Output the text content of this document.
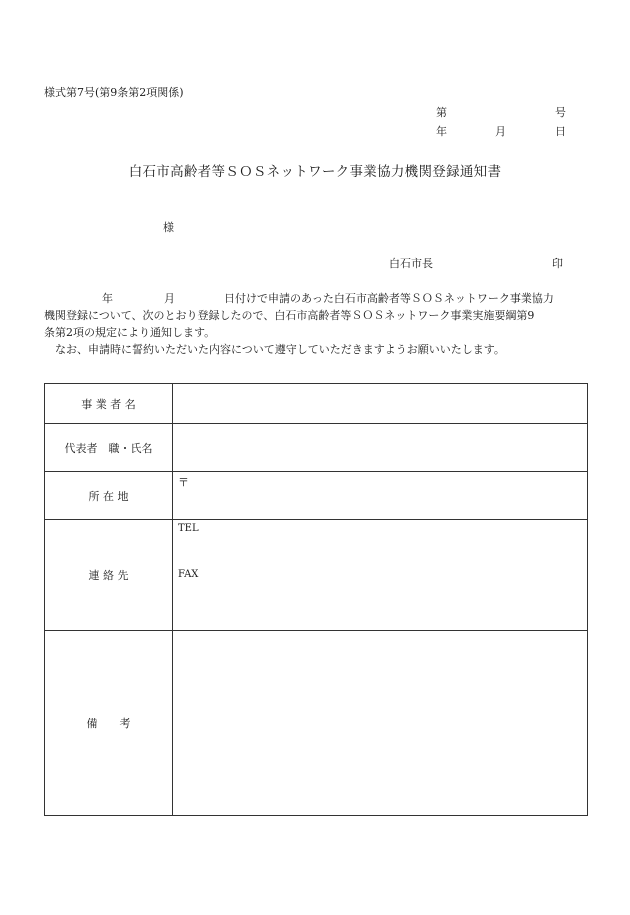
様式第7号(第9条第2項関係)
第	号
年	月	日
白石市高齢者等ＳＯＳネットワーク事業協力機関登録通知書
様
白石市長	印
年	月	日付けで申請のあった白石市高齢者等ＳＯＳネットワーク事業協力
機関登録について、次のとおり登録したので、白石市高齢者等ＳＯＳネットワーク事業実施要綱第9
条第2項の規定により通知します。
なお、申請時に誓約いただいた内容について遵守していただきますようお願いいたします。
事 業 者 名	
代表者　職・氏名	
所 在 地	〒
連 絡 先	TEL
FAX

備　　考	
